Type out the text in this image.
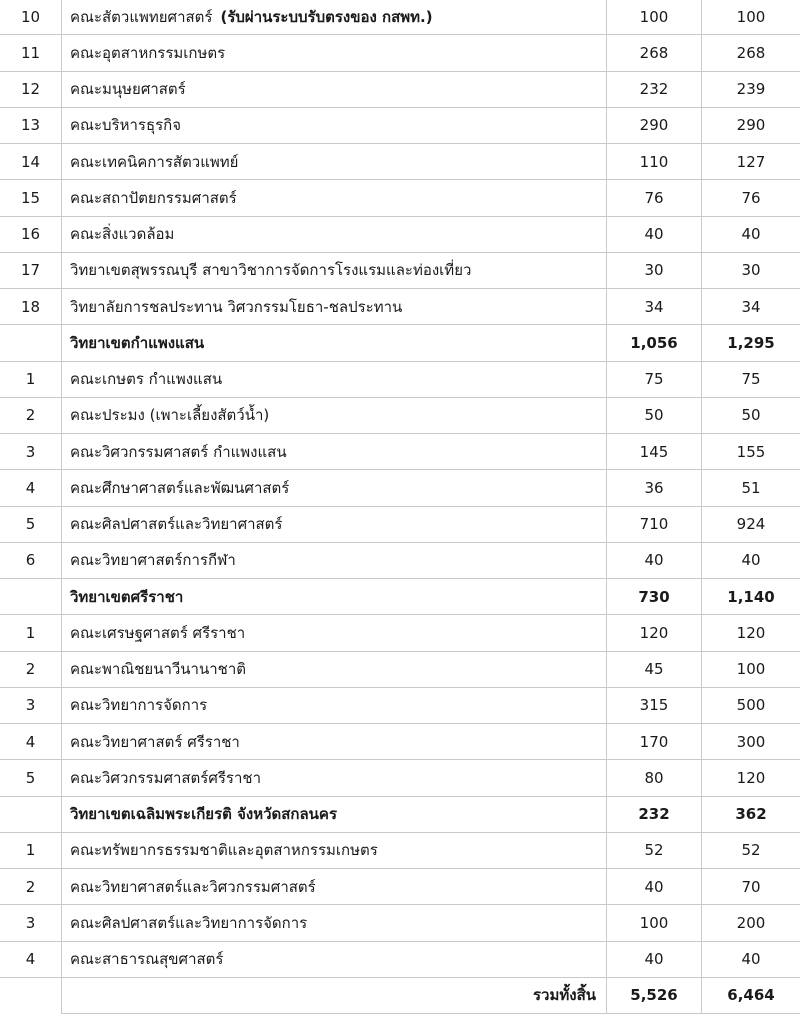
10	คณะสัตวแพทยศาสตร์ (รับผ่านระบบรับตรงของ กสพท.)	100	100
11	คณะอุตสาหกรรมเกษตร	268	268
12	คณะมนุษยศาสตร์	232	239
13	คณะบริหารธุรกิจ	290	290
14	คณะเทคนิคการสัตวแพทย์	110	127
15	คณะสถาปัตยกรรมศาสตร์	76	76
16	คณะสิ่งแวดล้อม	40	40
17	วิทยาเขตสุพรรณบุรี สาขาวิชาการจัดการโรงแรมและท่องเที่ยว	30	30
18	วิทยาลัยการชลประทาน วิศวกรรมโยธา-ชลประทาน	34	34
	วิทยาเขตกำแพงแสน	1,056	1,295
1	คณะเกษตร กำแพงแสน	75	75
2	คณะประมง (เพาะเลี้ยงสัตว์น้ำ)	50	50
3	คณะวิศวกรรมศาสตร์ กำแพงแสน	145	155
4	คณะศึกษาศาสตร์และพัฒนศาสตร์	36	51
5	คณะศิลปศาสตร์และวิทยาศาสตร์	710	924
6	คณะวิทยาศาสตร์การกีฬา	40	40
	วิทยาเขตศรีราชา	730	1,140
1	คณะเศรษฐศาสตร์ ศรีราชา	120	120
2	คณะพาณิชยนาวีนานาชาติ	45	100
3	คณะวิทยาการจัดการ	315	500
4	คณะวิทยาศาสตร์ ศรีราชา	170	300
5	คณะวิศวกรรมศาสตร์ศรีราชา	80	120
	วิทยาเขตเฉลิมพระเกียรติ จังหวัดสกลนคร	232	362
1	คณะทรัพยากรธรรมชาติและอุตสาหกรรมเกษตร	52	52
2	คณะวิทยาศาสตร์และวิศวกรรมศาสตร์	40	70
3	คณะศิลปศาสตร์และวิทยาการจัดการ	100	200
4	คณะสาธารณสุขศาสตร์	40	40
	รวมทั้งสิ้น	5,526	6,464
